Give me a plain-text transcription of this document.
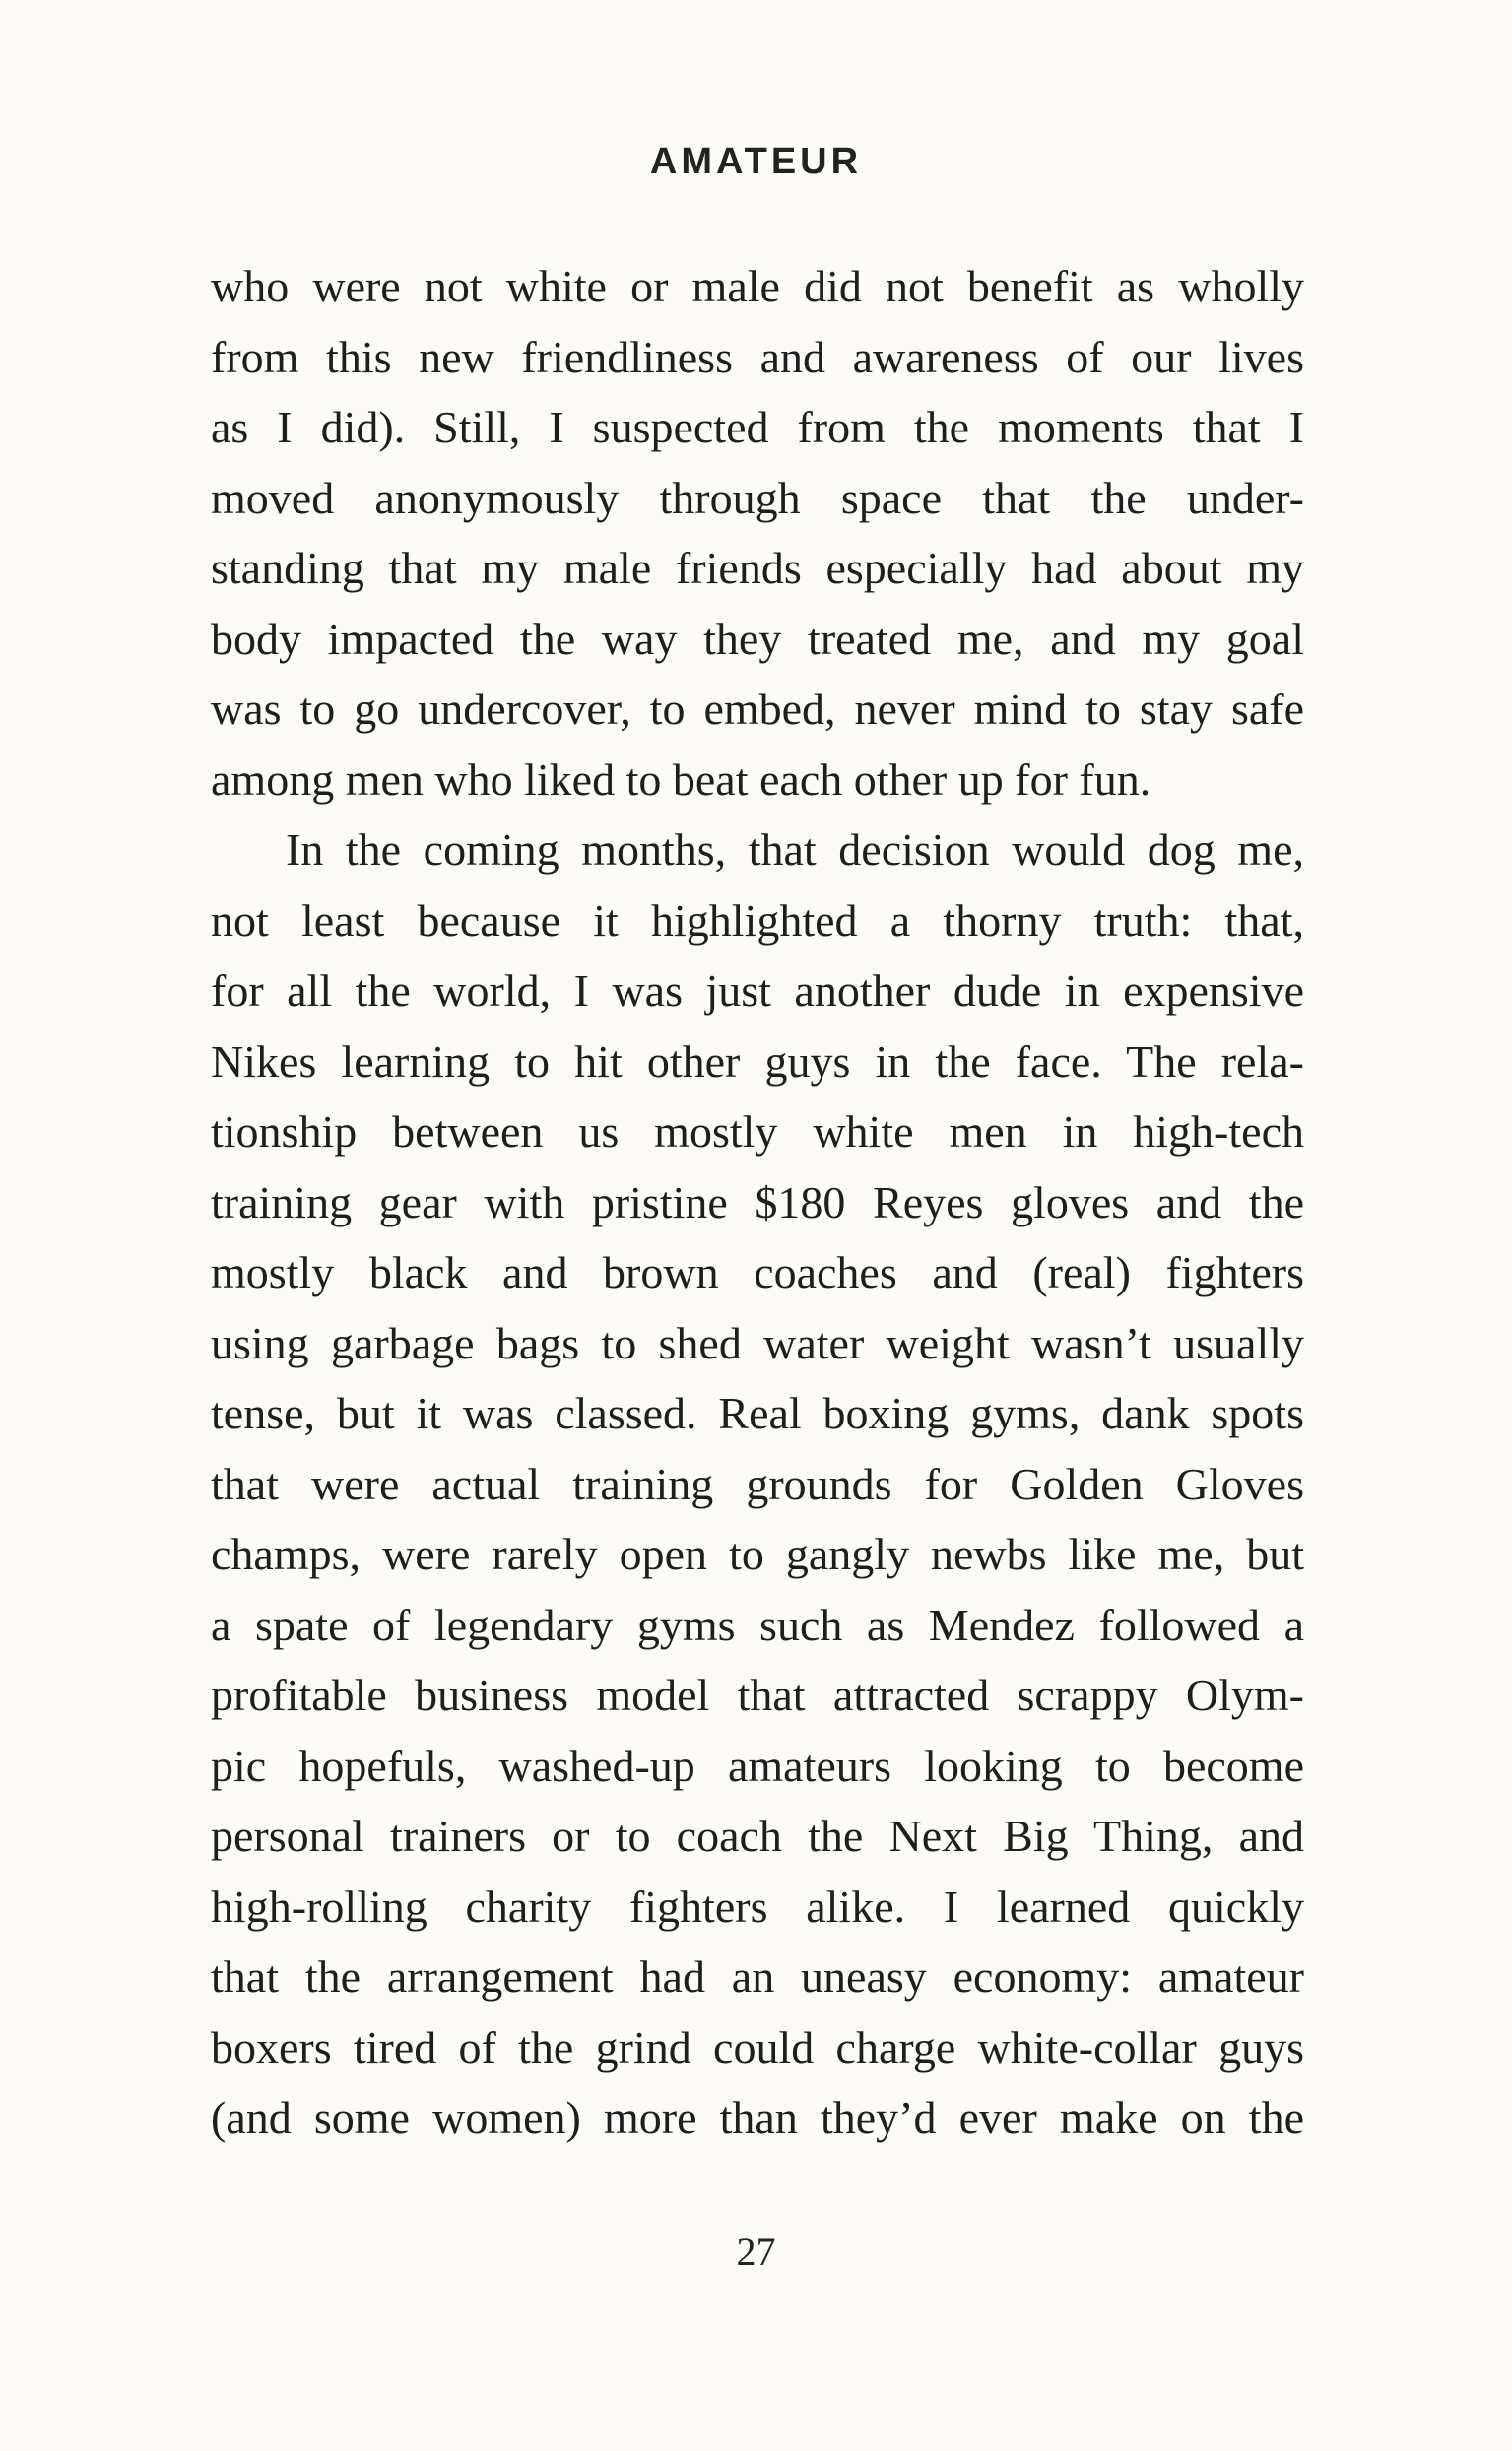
AMATEUR
who were not white or male did not benefit as wholly
from this new friendliness and awareness of our lives
as I did). Still, I suspected from the moments that I
moved anonymously through space that the under-
standing that my male friends especially had about my
body impacted the way they treated me, and my goal
was to go undercover, to embed, never mind to stay safe
among men who liked to beat each other up for fun.
In the coming months, that decision would dog me,
not least because it highlighted a thorny truth: that,
for all the world, I was just another dude in expensive
Nikes learning to hit other guys in the face. The rela-
tionship between us mostly white men in high-tech
training gear with pristine $180 Reyes gloves and the
mostly black and brown coaches and (real) fighters
using garbage bags to shed water weight wasn’t usually
tense, but it was classed. Real boxing gyms, dank spots
that were actual training grounds for Golden Gloves
champs, were rarely open to gangly newbs like me, but
a spate of legendary gyms such as Mendez followed a
profitable business model that attracted scrappy Olym-
pic hopefuls, washed-up amateurs looking to become
personal trainers or to coach the Next Big Thing, and
high-rolling charity fighters alike. I learned quickly
that the arrangement had an uneasy economy: amateur
boxers tired of the grind could charge white-collar guys
(and some women) more than they’d ever make on the
27
